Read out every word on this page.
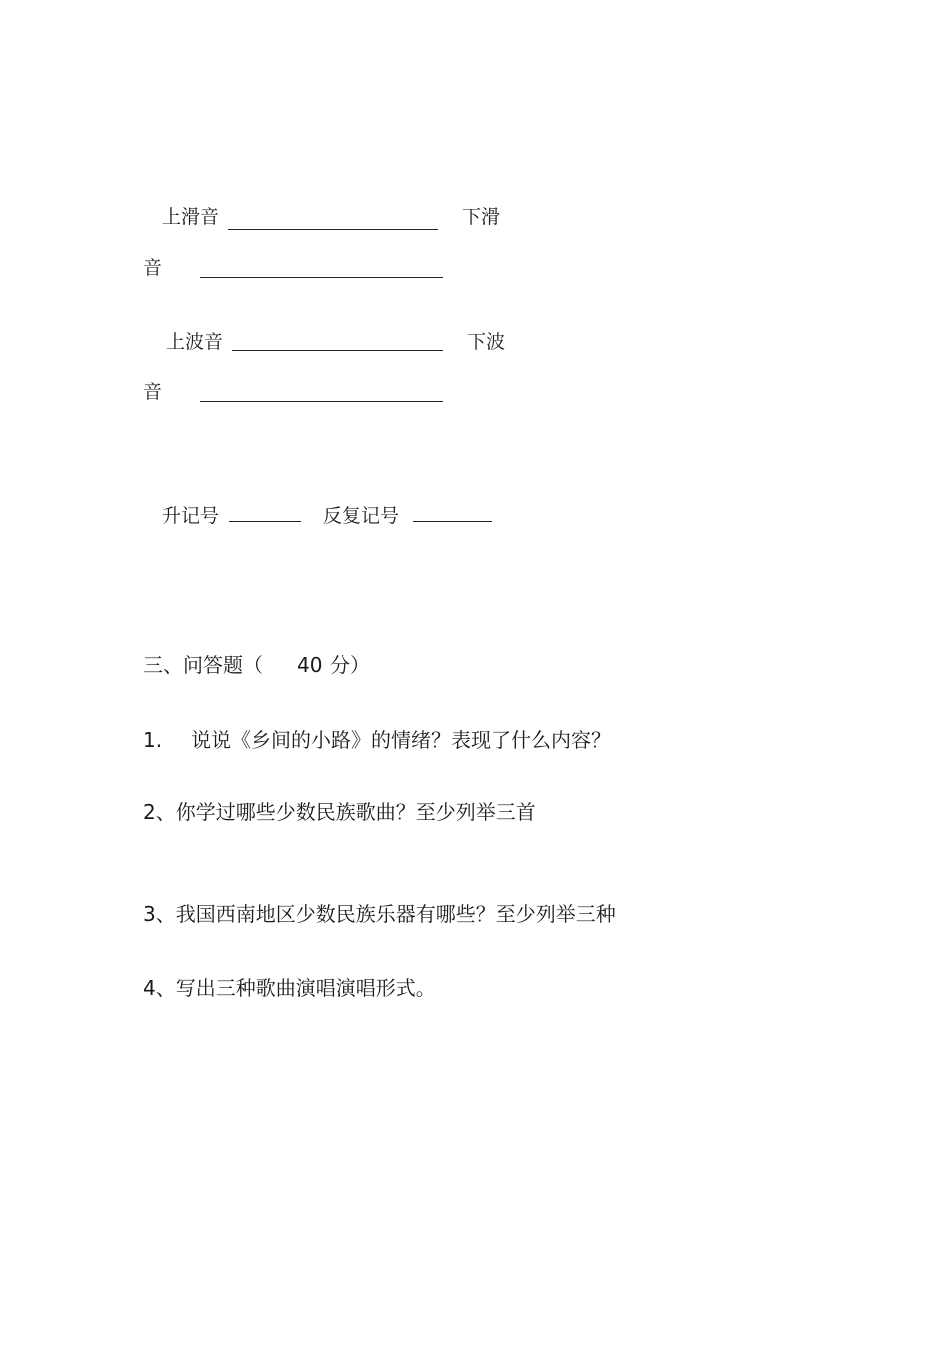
上滑音	下滑
音
上波音	下波
音
升记号	反复记号
三、问答题（ 40 分）
1. 说说《乡间的小路》的情绪？表现了什么内容？
2、你学过哪些少数民族歌曲？至少列举三首
3、我国西南地区少数民族乐器有哪些？至少列举三种
4、写出三种歌曲演唱演唱形式。
